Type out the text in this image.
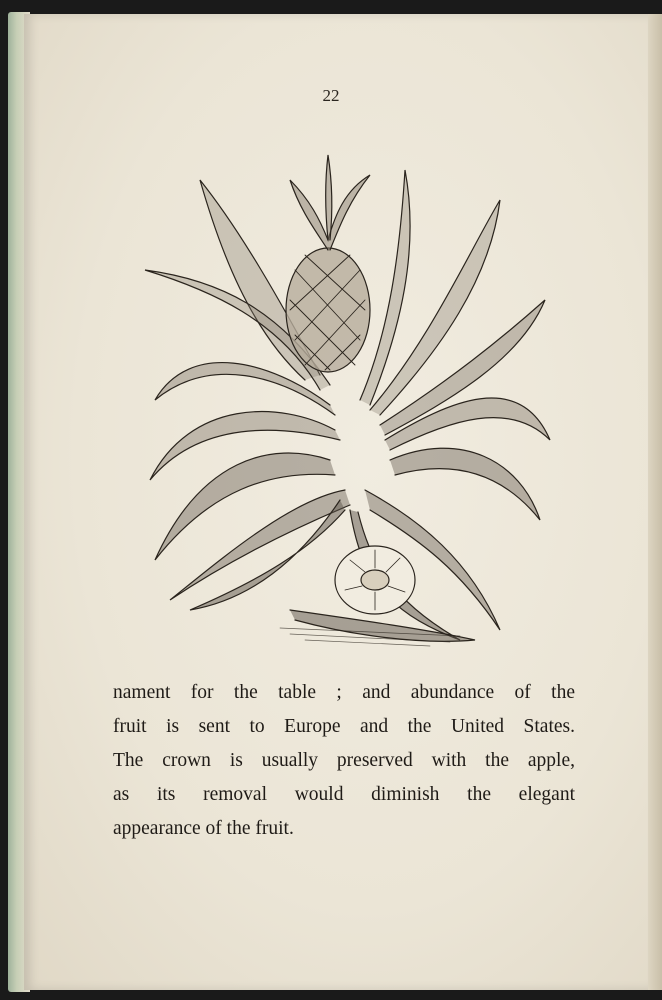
22
nament for the table ; and abundance of the
fruit is sent to Europe and the United States.
The crown is usually preserved with the apple,
as its removal would diminish the elegant
appearance of the fruit.
